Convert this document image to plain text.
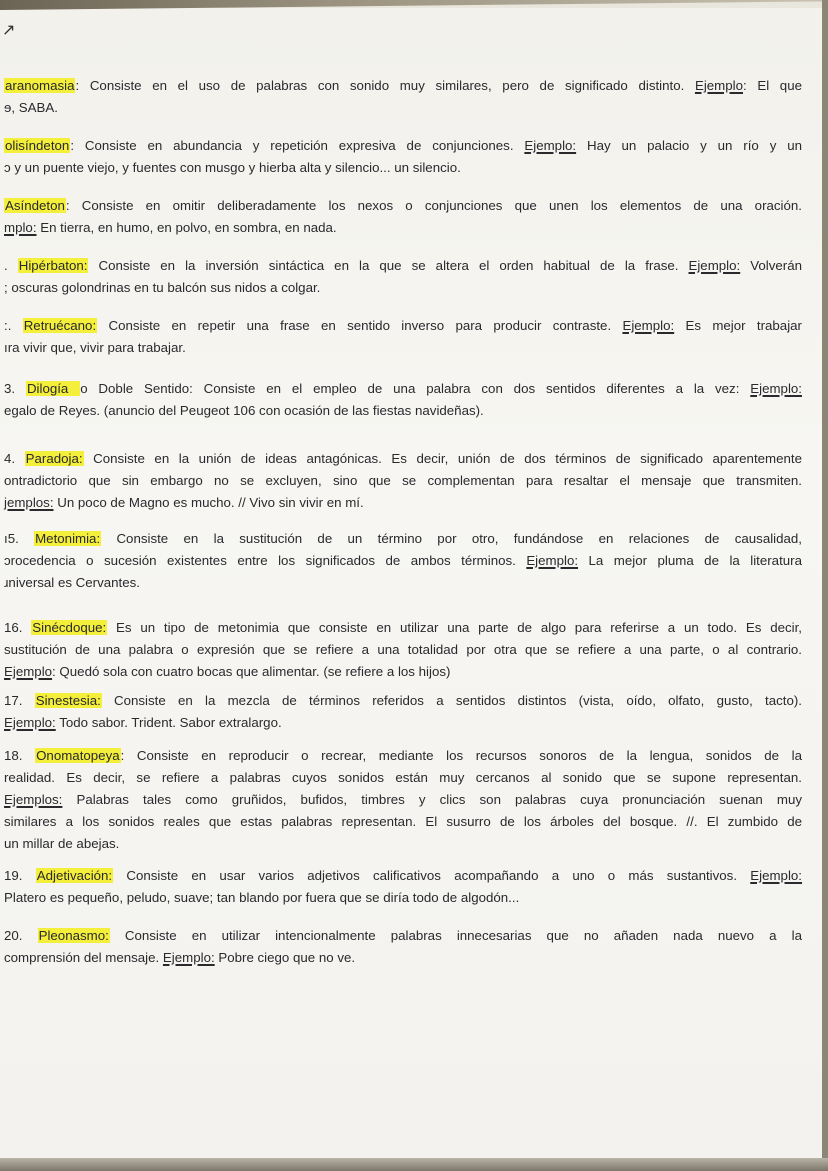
↗
aranomasia: Consiste en el uso de palabras con sonido muy similares, pero de significado distinto. Ejemplo: El que
ɘ, SABA.
olisíndeton: Consiste en abundancia y repetición expresiva de conjunciones. Ejemplo: Hay un palacio y un río y un
ɔ y un puente viejo, y fuentes con musgo y hierba alta y silencio... un silencio.
Asíndeton: Consiste en omitir deliberadamente los nexos o conjunciones que unen los elementos de una oración.
mplo: En tierra, en humo, en polvo, en sombra, en nada.
. Hipérbaton: Consiste en la inversión sintáctica en la que se altera el orden habitual de la frase. Ejemplo: Volverán
; oscuras golondrinas en tu balcón sus nidos a colgar.
:. Retruécano: Consiste en repetir una frase en sentido inverso para producir contraste. Ejemplo: Es mejor trabajar
ıra vivir que, vivir para trabajar.
3. Dilogía o Doble Sentido: Consiste en el empleo de una palabra con dos sentidos diferentes a la vez: Ejemplo:
egalo de Reyes. (anuncio del Peugeot 106 con ocasión de las fiestas navideñas).
4. Paradoja: Consiste en la unión de ideas antagónicas. Es decir, unión de dos términos de significado aparentemente
ontradictorio que sin embargo no se excluyen, sino que se complementan para resaltar el mensaje que transmiten.
jemplos: Un poco de Magno es mucho. // Vivo sin vivir en mí.
ı5. Metonimia: Consiste en la sustitución de un término por otro, fundándose en relaciones de causalidad,
ɔrocedencia o sucesión existentes entre los significados de ambos términos. Ejemplo: La mejor pluma de la literatura
ɹniversal es Cervantes.
16. Sinécdoque: Es un tipo de metonimia que consiste en utilizar una parte de algo para referirse a un todo. Es decir,
sustitución de una palabra o expresión que se refiere a una totalidad por otra que se refiere a una parte, o al contrario.
Ejemplo: Quedó sola con cuatro bocas que alimentar. (se refiere a los hijos)
17. Sinestesia: Consiste en la mezcla de términos referidos a sentidos distintos (vista, oído, olfato, gusto, tacto).
Ejemplo: Todo sabor. Trident. Sabor extralargo.
18. Onomatopeya: Consiste en reproducir o recrear, mediante los recursos sonoros de la lengua, sonidos de la
realidad. Es decir, se refiere a palabras cuyos sonidos están muy cercanos al sonido que se supone representan.
Ejemplos: Palabras tales como gruñidos, bufidos, timbres y clics son palabras cuya pronunciación suenan muy
similares a los sonidos reales que estas palabras representan. El susurro de los árboles del bosque. //. El zumbido de
un millar de abejas.
19. Adjetivación: Consiste en usar varios adjetivos calificativos acompañando a uno o más sustantivos. Ejemplo:
Platero es pequeño, peludo, suave; tan blando por fuera que se diría todo de algodón...
20. Pleonasmo: Consiste en utilizar intencionalmente palabras innecesarias que no añaden nada nuevo a la
comprensión del mensaje. Ejemplo: Pobre ciego que no ve.
